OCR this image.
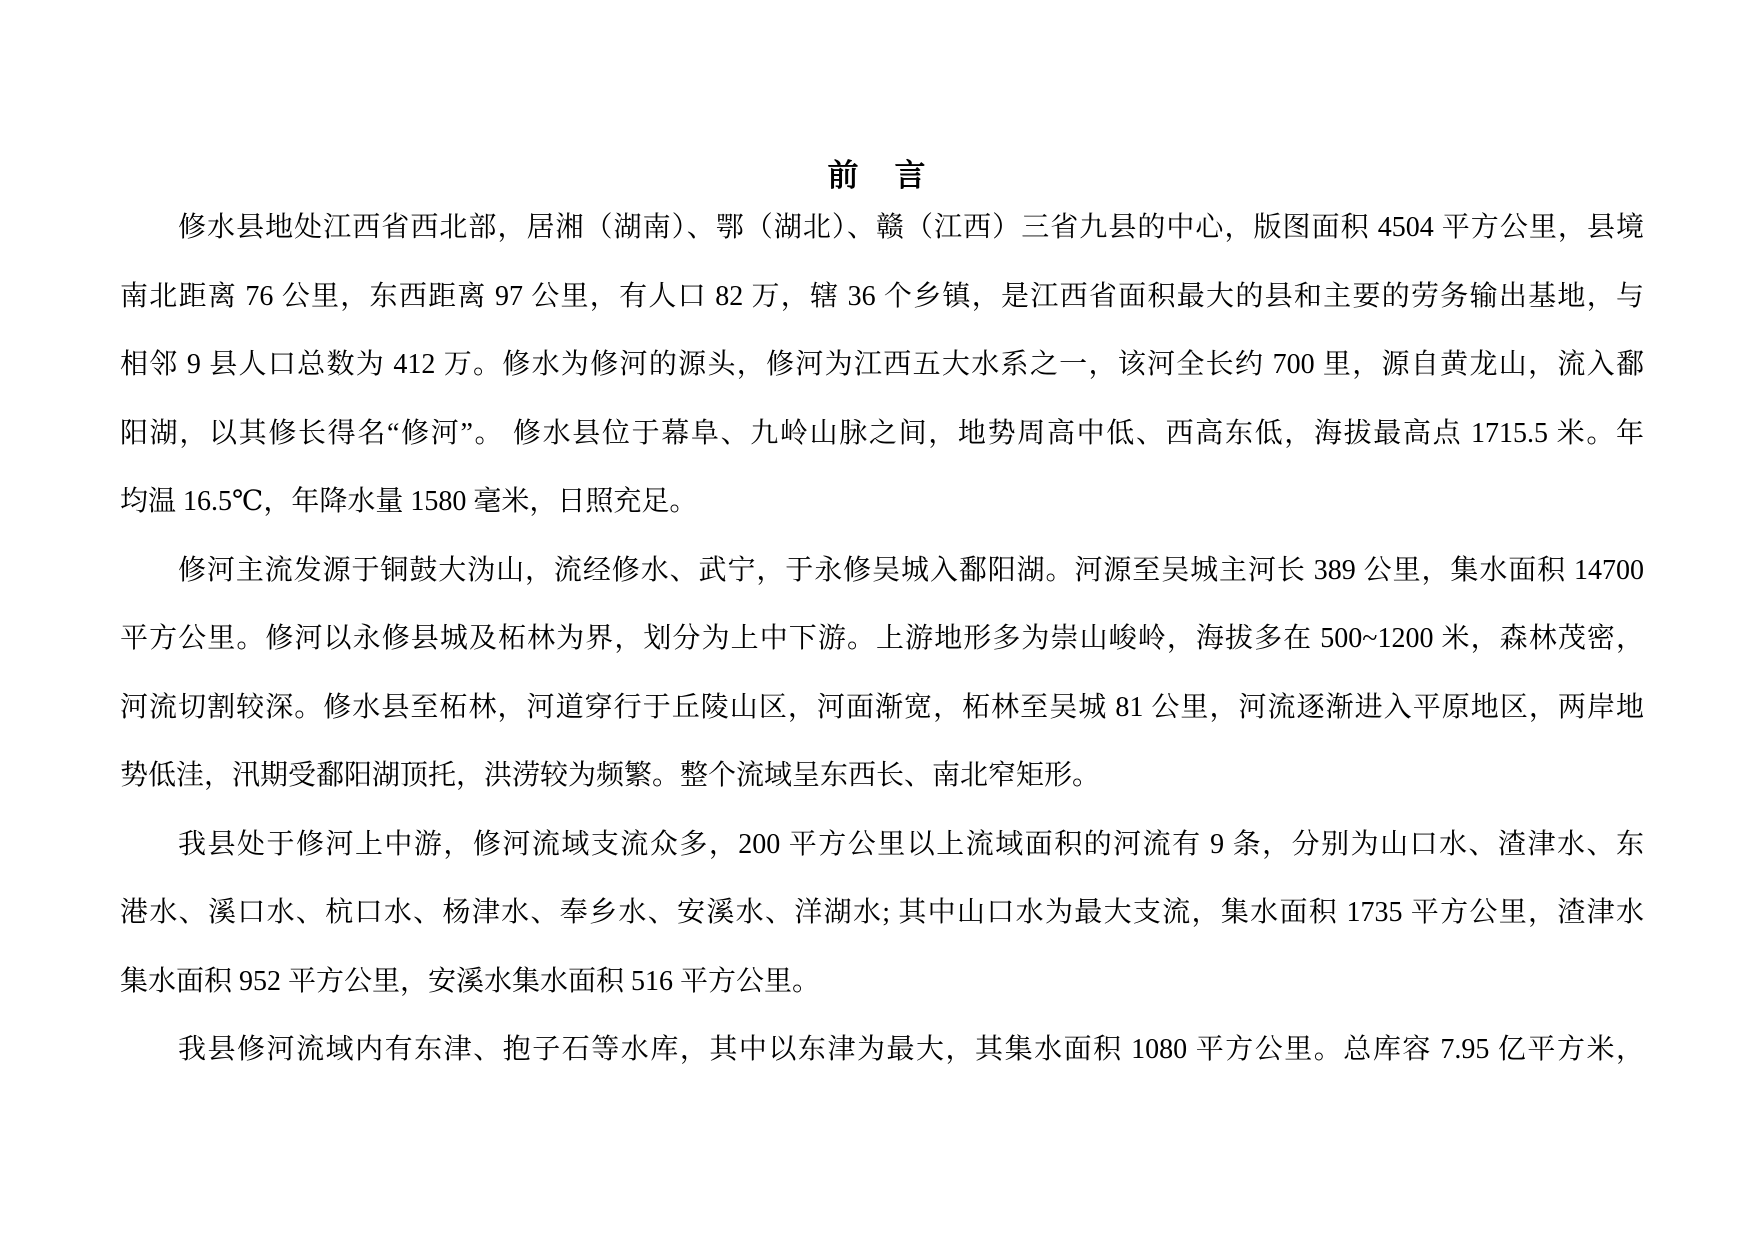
前 言
修水县地处江西省西北部，居湘（湖南）、鄂（湖北）、赣（江西）三省九县的中心，版图面积 4504 平方公里，县境
南北距离 76 公里，东西距离 97 公里，有人口 82 万，辖 36 个乡镇，是江西省面积最大的县和主要的劳务输出基地，与
相邻 9 县人口总数为 412 万。修水为修河的源头，修河为江西五大水系之一，该河全长约 700 里，源自黄龙山，流入鄱
阳湖，以其修长得名“修河”。 修水县位于幕阜、九岭山脉之间，地势周高中低、西高东低，海拔最高点 1715.5 米。年
均温 16.5℃，年降水量 1580 毫米，日照充足。
修河主流发源于铜鼓大沩山，流经修水、武宁，于永修吴城入鄱阳湖。河源至吴城主河长 389 公里，集水面积 14700
平方公里。修河以永修县城及柘林为界，划分为上中下游。上游地形多为崇山峻岭，海拔多在 500~1200 米，森林茂密，
河流切割较深。修水县至柘林，河道穿行于丘陵山区，河面渐宽，柘林至吴城 81 公里，河流逐渐进入平原地区，两岸地
势低洼，汛期受鄱阳湖顶托，洪涝较为频繁。整个流域呈东西长、南北窄矩形。
我县处于修河上中游，修河流域支流众多，200 平方公里以上流域面积的河流有 9 条，分别为山口水、渣津水、东
港水、溪口水、杭口水、杨津水、奉乡水、安溪水、洋湖水; 其中山口水为最大支流，集水面积 1735 平方公里，渣津水
集水面积 952 平方公里，安溪水集水面积 516 平方公里。
我县修河流域内有东津、抱子石等水库，其中以东津为最大，其集水面积 1080 平方公里。总库容 7.95 亿平方米，
